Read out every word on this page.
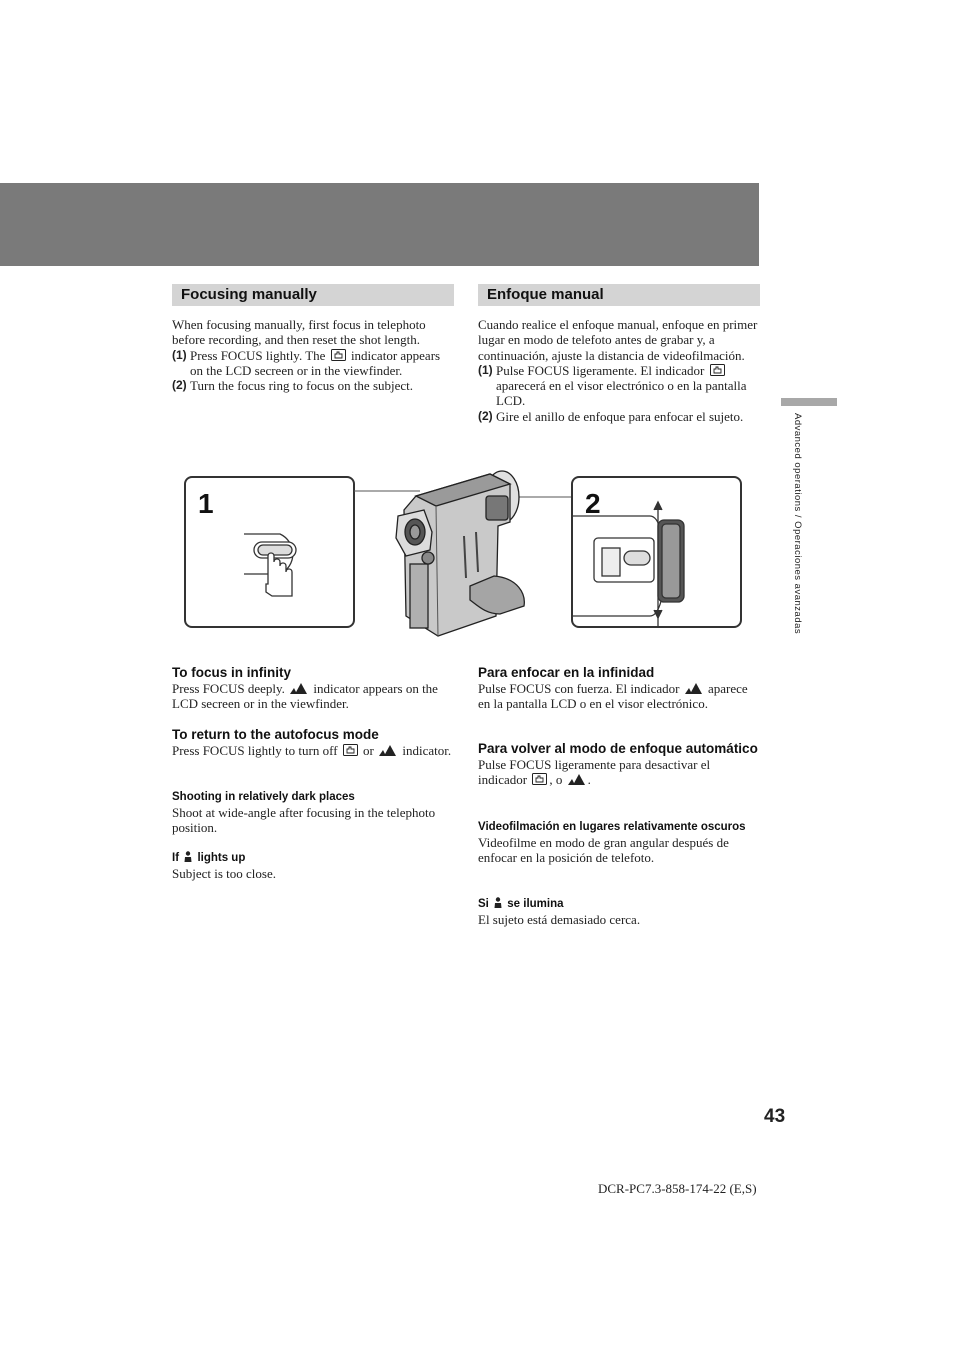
Focusing manually

When focusing manually, first focus in telephoto before recording, and then reset the shot length.

(1) Press FOCUS lightly. The indicator appears on the LCD secreen or in the viewfinder.
(2) Turn the focus ring to focus on the subject.
Enfoque manual

Cuando realice el enfoque manual, enfoque en primer lugar en modo de telefoto antes de grabar y, a continuación, ajuste la distancia de videofilmación.

(1) Pulse FOCUS ligeramente. El indicador  aparecerá en el visor electrónico o en la pantalla LCD.
(2) Gire el anillo de enfoque para enfocar el sujeto.
1	2
To focus in infinity
Press FOCUS deeply. indicator appears on the LCD secreen or in the viewfinder.
To return to the autofocus mode
Press FOCUS lightly to turn off or indicator.
Shooting in relatively dark places
Shoot at wide-angle after focusing in the telephoto position.
If lights up
Subject is too close.
Para enfocar en la infinidad
Pulse FOCUS con fuerza. El indicador aparece en la pantalla LCD o en el visor electrónico.
Para volver al modo de enfoque automático
Pulse FOCUS ligeramente para desactivar el indicador , o .
Videofilmación en lugares relativamente oscuros
Videofilme en modo de gran angular después de enfocar en la posición de telefoto.
Si se ilumina
El sujeto está demasiado cerca.
Advanced operations / Operaciones avanzadas
43
DCR-PC7.3-858-174-22 (E,S)
